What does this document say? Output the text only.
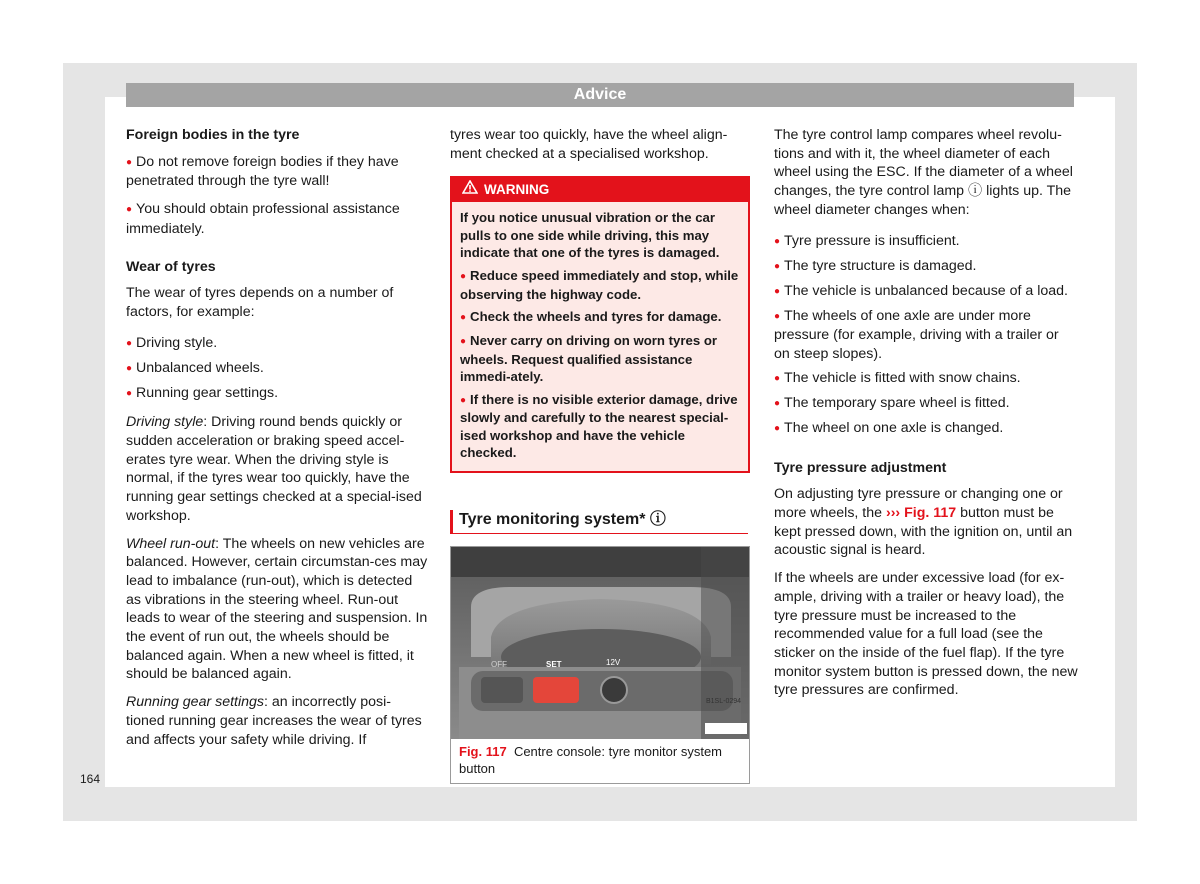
Advice
Foreign bodies in the tyre

● Do not remove foreign bodies if they have penetrated through the tyre wall!

● You should obtain professional assistance immediately.

Wear of tyres

The wear of tyres depends on a number of factors, for example:

● Driving style.
● Unbalanced wheels.
● Running gear settings.

Driving style: Driving round bends quickly or sudden acceleration or braking speed accel-erates tyre wear. When the driving style is normal, if the tyres wear too quickly, have the running gear settings checked at a special-ised workshop.

Wheel run-out: The wheels on new vehicles are balanced. However, certain circumstan-ces may lead to imbalance (run-out), which is detected as vibrations in the steering wheel. Run-out leads to wear of the steering and suspension. In the event of run out, the wheels should be balanced again. When a new wheel is fitted, it should be balanced again.

Running gear settings: an incorrectly posi-tioned running gear increases the wear of tyres and affects your safety while driving. If

tyres wear too quickly, have the wheel align-ment checked at a specialised workshop.

WARNING

If you notice unusual vibration or the car pulls to one side while driving, this may indicate that one of the tyres is damaged.

● Reduce speed immediately and stop, while observing the highway code.

● Check the wheels and tyres for damage.

● Never carry on driving on worn tyres or wheels. Request qualified assistance immedi-ately.

● If there is no visible exterior damage, drive slowly and carefully to the nearest special-ised workshop and have the vehicle checked.

Tyre monitoring system* ⓘ
Fig. 117 Centre console: tyre monitor system button
OFF	SET	12V
B1SL-0294

The tyre control lamp compares wheel revolu-tions and with it, the wheel diameter of each wheel using the ESC. If the diameter of a wheel changes, the tyre control lamp ⓘ lights up. The wheel diameter changes when:

● Tyre pressure is insufficient.
● The tyre structure is damaged.
● The vehicle is unbalanced because of a load.
● The wheels of one axle are under more pressure (for example, driving with a trailer or on steep slopes).
● The vehicle is fitted with snow chains.
● The temporary spare wheel is fitted.
● The wheel on one axle is changed.
Tyre pressure adjustment

On adjusting tyre pressure or changing one or more wheels, the ››› Fig. 117 button must be kept pressed down, with the ignition on, until an acoustic signal is heard.

If the wheels are under excessive load (for ex-ample, driving with a trailer or heavy load), the tyre pressure must be increased to the recommended value for a full load (see the sticker on the inside of the fuel flap). If the tyre monitor system button is pressed down, the new tyre pressures are confirmed.

164
